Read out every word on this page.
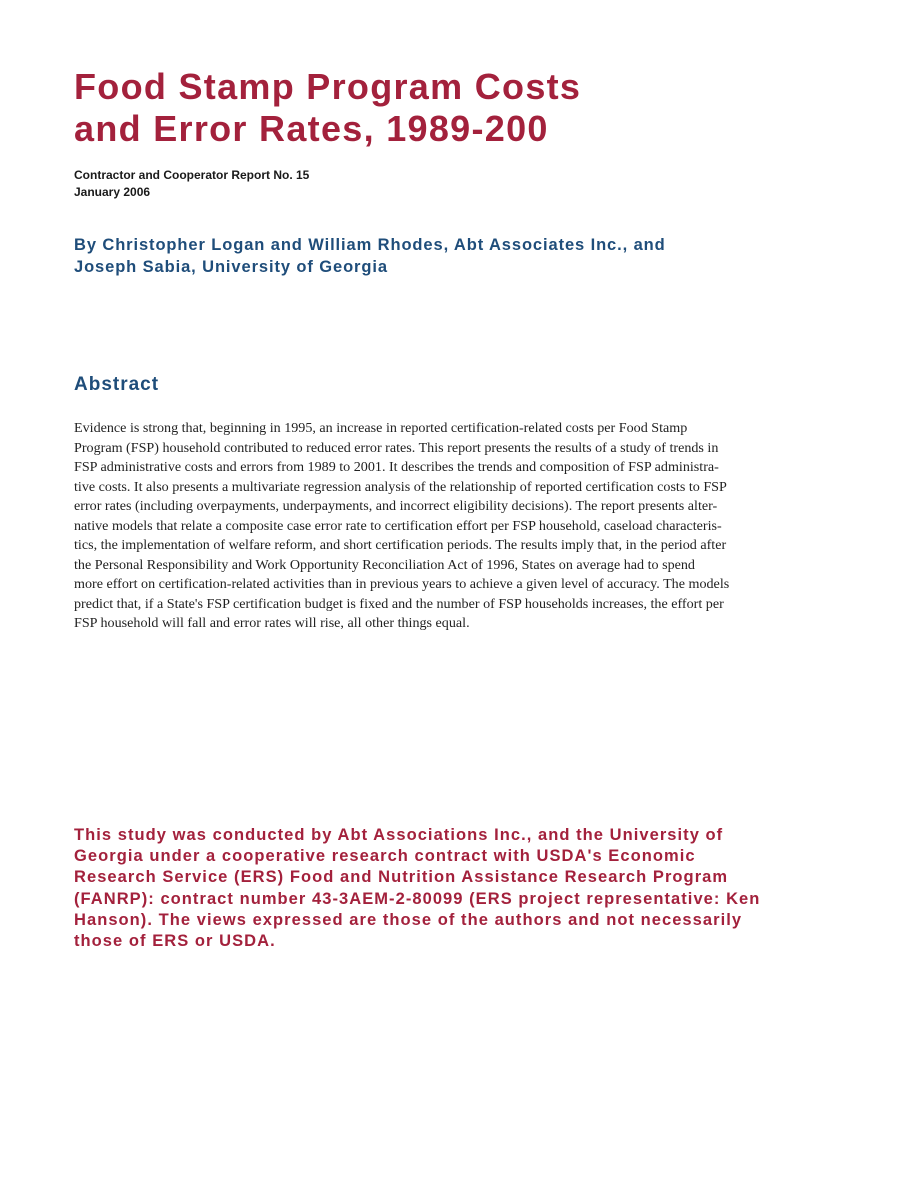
Food Stamp Program Costs
and Error Rates, 1989-200
Contractor and Cooperator Report No. 15
January 2006
By Christopher Logan and William Rhodes, Abt Associates Inc., and
Joseph Sabia, University of Georgia
Abstract
Evidence is strong that, beginning in 1995, an increase in reported certification-related costs per Food Stamp
Program (FSP) household contributed to reduced error rates. This report presents the results of a study of trends in
FSP administrative costs and errors from 1989 to 2001. It describes the trends and composition of FSP administra-
tive costs. It also presents a multivariate regression analysis of the relationship of reported certification costs to FSP
error rates (including overpayments, underpayments, and incorrect eligibility decisions). The report presents alter-
native models that relate a composite case error rate to certification effort per FSP household, caseload characteris-
tics, the implementation of welfare reform, and short certification periods. The results imply that, in the period after
the Personal Responsibility and Work Opportunity Reconciliation Act of 1996, States on average had to spend
more effort on certification-related activities than in previous years to achieve a given level of accuracy. The models
predict that, if a State's FSP certification budget is fixed and the number of FSP households increases, the effort per
FSP household will fall and error rates will rise, all other things equal.
This study was conducted by Abt Associations Inc., and the University of
Georgia under a cooperative research contract with USDA's Economic
Research Service (ERS) Food and Nutrition Assistance Research Program
(FANRP): contract number 43-3AEM-2-80099 (ERS project representative: Ken
Hanson). The views expressed are those of the authors and not necessarily
those of ERS or USDA.
